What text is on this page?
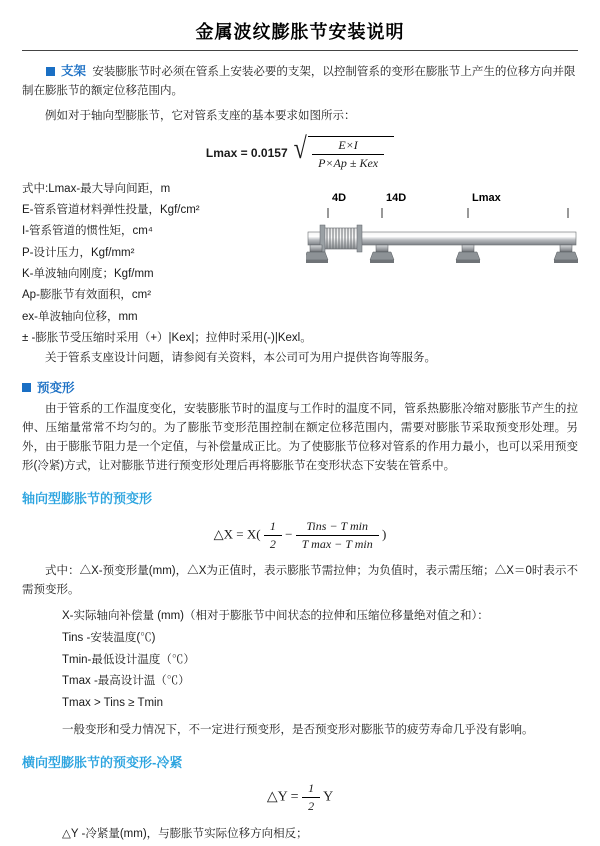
金属波纹膨胀节安装说明

支架 安装膨胀节时必须在管系上安装必要的支架，以控制管系的变形在膨胀节上产生的位移方向并限制在膨胀节的额定位移范围内。

例如对于轴向型膨胀节，它对管系支座的基本要求如图所示：

Lmax = 0.0157 √ $\frac{E\times I}{\text{P×Ap ± Kex}}$
式中:Lmax-最大导向间距，m
E-管系管道材料弹性投量，Kgf/cm²
I-管系管道的惯性矩，cm⁴
P-设计压力，Kgf/mm²
K-单波轴向刚度；Kgf/mm
Ap-膨胀节有效面积，cm²
ex-单波轴向位移，mm
± -膨胀节受压缩时采用（+）|Kex|；拉伸时采用(-)|Kexl。
4D	14D	Lmax

关于管系支座设计问题，请参阅有关资料，本公司可为用户提供咨询等服务。

预变形

由于管系的工作温度变化，安装膨胀节时的温度与工作时的温度不同，管系热膨胀冷缩对膨胀节产生的拉伸、压缩量常常不均匀的。为了膨胀节变形范围控制在额定位移范围内，需要对膨胀节采取预变形处理。另外，由于膨胀节阻力是一个定值，与补偿量成正比。为了使膨胀节位移对管系的作用力最小，也可以采用预变形(冷紧)方式，让对膨胀节进行预变形处理后再将膨胀节在变形状态下安装在管系中。

轴向型膨胀节的预变形
△X = $X( \frac{1}{2} - \frac{\text{Tins − T min}}{\text{T max − T min}}$ )

式中：△X-预变形量(mm)，△X为正值时，表示膨胀节需拉伸；为负值时，表示需压缩；△X＝0时表示不需预变形。

X-实际轴向补偿量 (mm)（相对于膨胀节中间状态的拉伸和压缩位移量绝对值之和）：
Tins -安装温度(℃)
Tmin-最低设计温度（℃）
Tmax -最高设计温（℃）
Tmax > Tins ≥ Tmin

一般变形和受力情况下，不一定进行预变形，是否预变形对膨胀节的疲劳寿命几乎没有影响。

横向型膨胀节的预变形-冷紧
△Y = $\frac{1}{2}$ Y
△Y -冷紧量(mm)，与膨胀节实际位移方向相反；
